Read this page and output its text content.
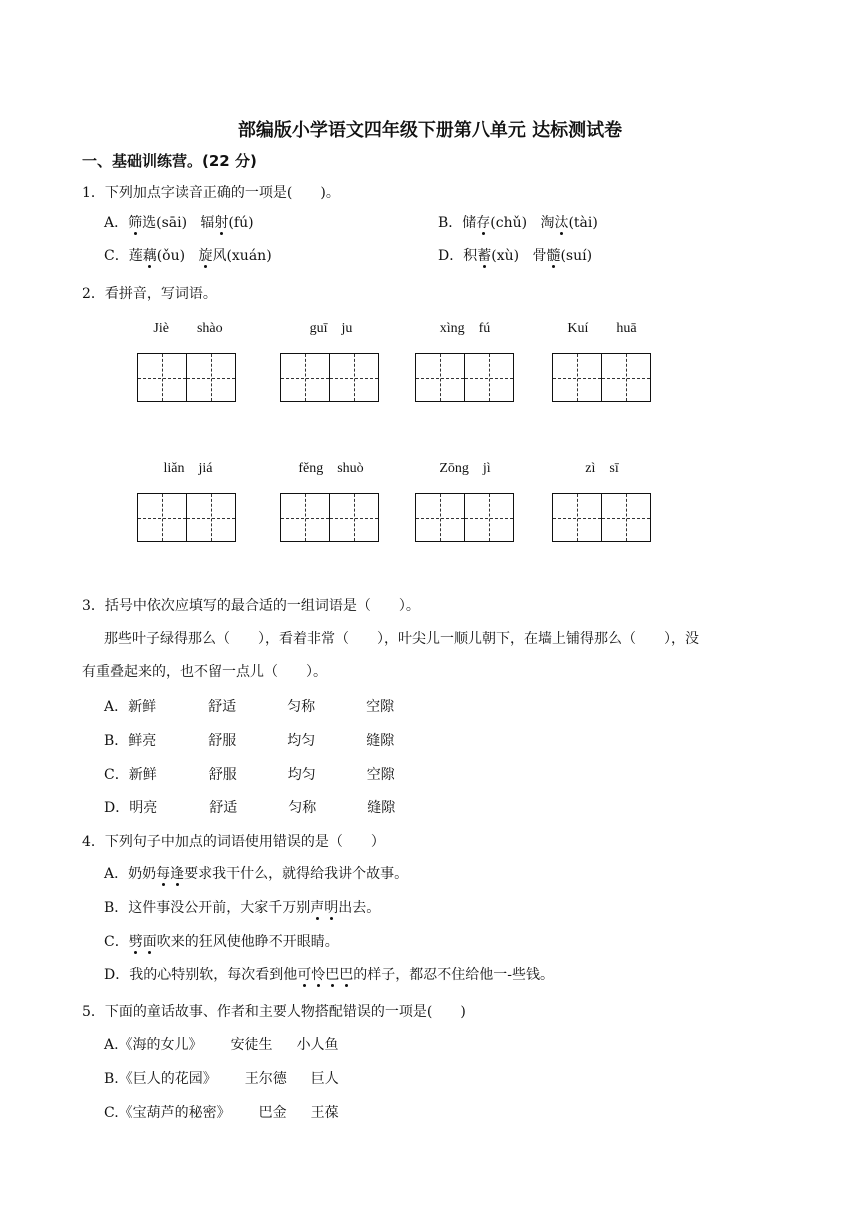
部编版小学语文四年级下册第八单元 达标测试卷
一、基础训练营。(22 分)
1．下列加点字读音正确的一项是(　　)。
A．筛选(sāi) 辐射(fú)	B．储存(chǔ) 淘汰(tài)
C．莲藕(ǒu) 旋风(xuán)	D．积蓄(xù) 骨髓(suí)
2．看拼音，写词语。
Jiè　　shào	guī　ju	xìng　fú	Kuí　　huā
liǎn　jiá	fěng　shuò	Zōng　jì	zì　sī
3．括号中依次应填写的最合适的一组词语是（　　）。
那些叶子绿得那么（　　），看着非常（　　），叶尖儿一顺儿朝下，在墙上铺得那么（　　），没
有重叠起来的，也不留一点儿（　　）。
A．新鲜	舒适	匀称	空隙
B．鲜亮	舒服	均匀	缝隙
C．新鲜	舒服	均匀	空隙
D．明亮	舒适	匀称	缝隙
4．下列句子中加点的词语使用错误的是（　　）
A．奶奶每逢要求我干什么，就得给我讲个故事。
B．这件事没公开前，大家千万别声明出去。
C．劈面吹来的狂风使他睁不开眼睛。
D．我的心特别软，每次看到他可怜巴巴的样子，都忍不住给他一-些钱。
5．下面的童话故事、作者和主要人物搭配错误的一项是(　　)
A.《海的女儿》 安徒生 小人鱼
B.《巨人的花园》 王尔德 巨人
C.《宝葫芦的秘密》 巴金 王葆
